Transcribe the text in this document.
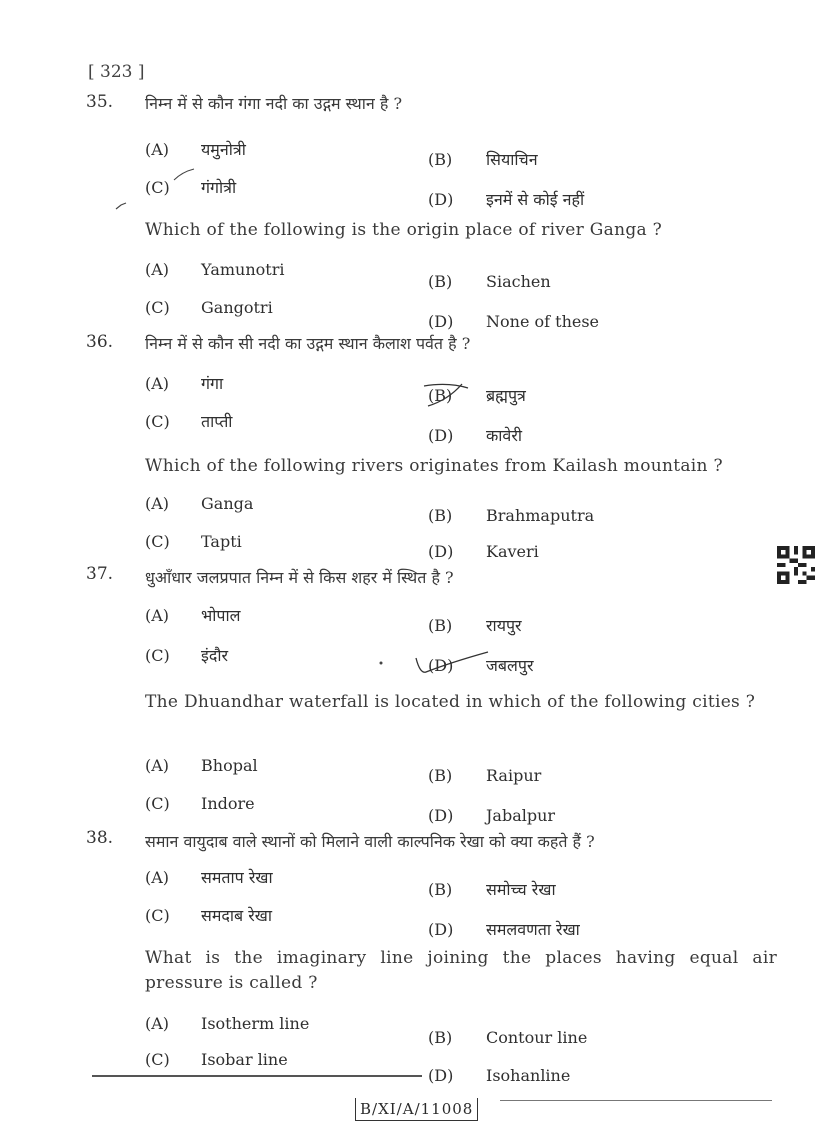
[ 323 ]
35. निम्न में से कौन गंगा नदी का उद्गम स्थान है ?
(A) यमुनोत्री
(B) सियाचिन
(C) गंगोत्री
(D) इनमें से कोई नहीं
Which of the following is the origin place of river Ganga ?
(A) Yamunotri
(B) Siachen
(C) Gangotri
(D) None of these
36. निम्न में से कौन सी नदी का उद्गम स्थान कैलाश पर्वत है ?
(A) गंगा
(B) ब्रह्मपुत्र
(C) ताप्ती
(D) कावेरी
Which of the following rivers originates from Kailash mountain ?
(A) Ganga
(B) Brahmaputra
(C) Tapti
(D) Kaveri
37. धुआँधार जलप्रपात निम्न में से किस शहर में स्थित है ?
(A) भोपाल
(B) रायपुर
(C) इंदौर
(D) जबलपुर
The Dhuandhar waterfall is located in which of the following cities ?
(A) Bhopal
(B) Raipur
(C) Indore
(D) Jabalpur
38. समान वायुदाब वाले स्थानों को मिलाने वाली काल्पनिक रेखा को क्या कहते हैं ?
(A) समताप रेखा
(B) समोच्च रेखा
(C) समदाब रेखा
(D) समलवणता रेखा
What is the imaginary line joining the places having equal air pressure is called ?
(A) Isotherm line
(B) Contour line
(C) Isobar line
(D) Isohanline
B/XI/A/11008
